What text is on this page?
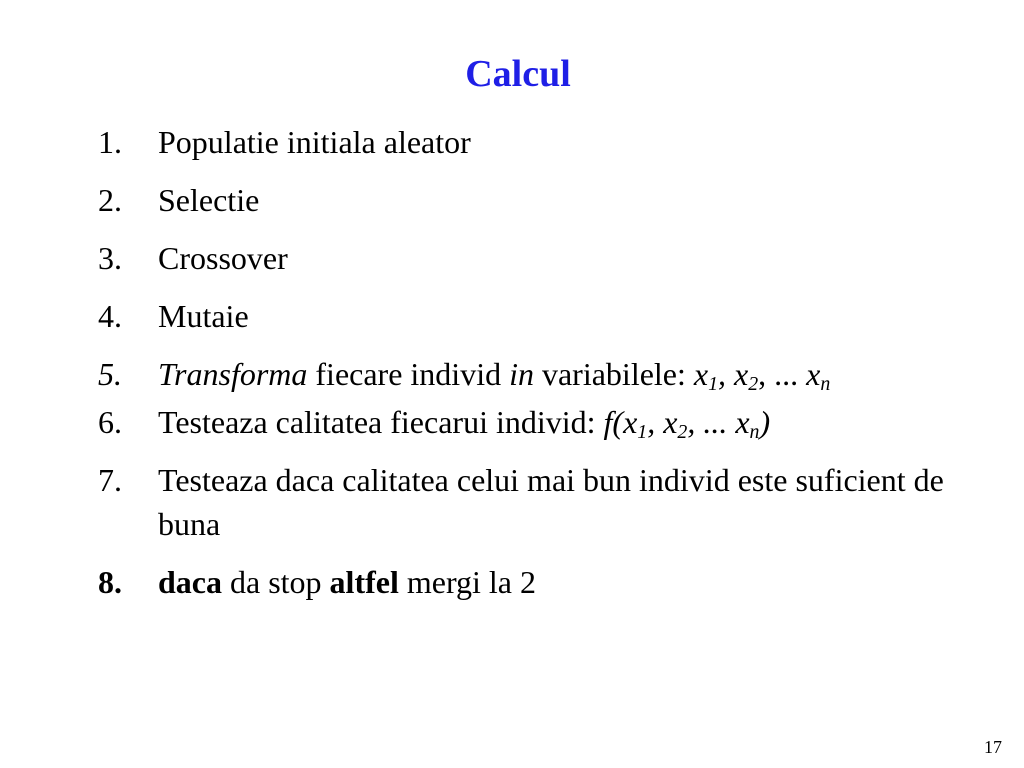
Calcul
1. Populatie initiala aleator
2. Selectie
3. Crossover
4. Mutaie
5. Transforma fiecare individ in variabilele: $x_1$, $x_2$, ... $x_n$
6. Testeaza calitatea fiecarui individ: $f(x_1$, $x_2$, ... $x_n$)
7. Testeaza daca calitatea celui mai bun individ este suficient de buna
8. daca da stop altfel mergi la 2
17
